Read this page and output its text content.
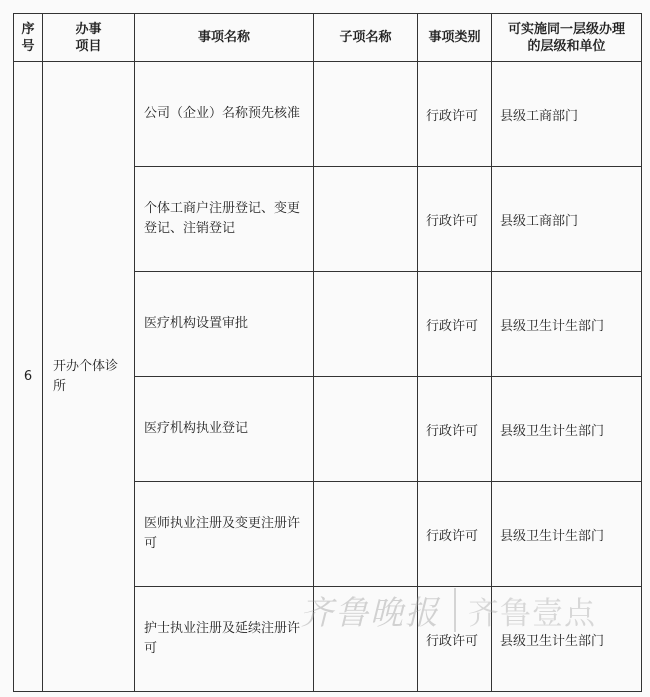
序号	办事项目	事项名称	子项名称	事项类别	可实施同一层级办理的层级和单位

6	开办个体诊所	公司（企业）名称预先核准		行政许可	县级工商部门
		个体工商户注册登记、变更登记、注销登记		行政许可	县级工商部门
		医疗机构设置审批		行政许可	县级卫生计生部门
		医疗机构执业登记		行政许可	县级卫生计生部门
		医师执业注册及变更注册许可		行政许可	县级卫生计生部门
		护士执业注册及延续注册许可		行政许可	县级卫生计生部门
齐鲁晚报 齐鲁壹点
